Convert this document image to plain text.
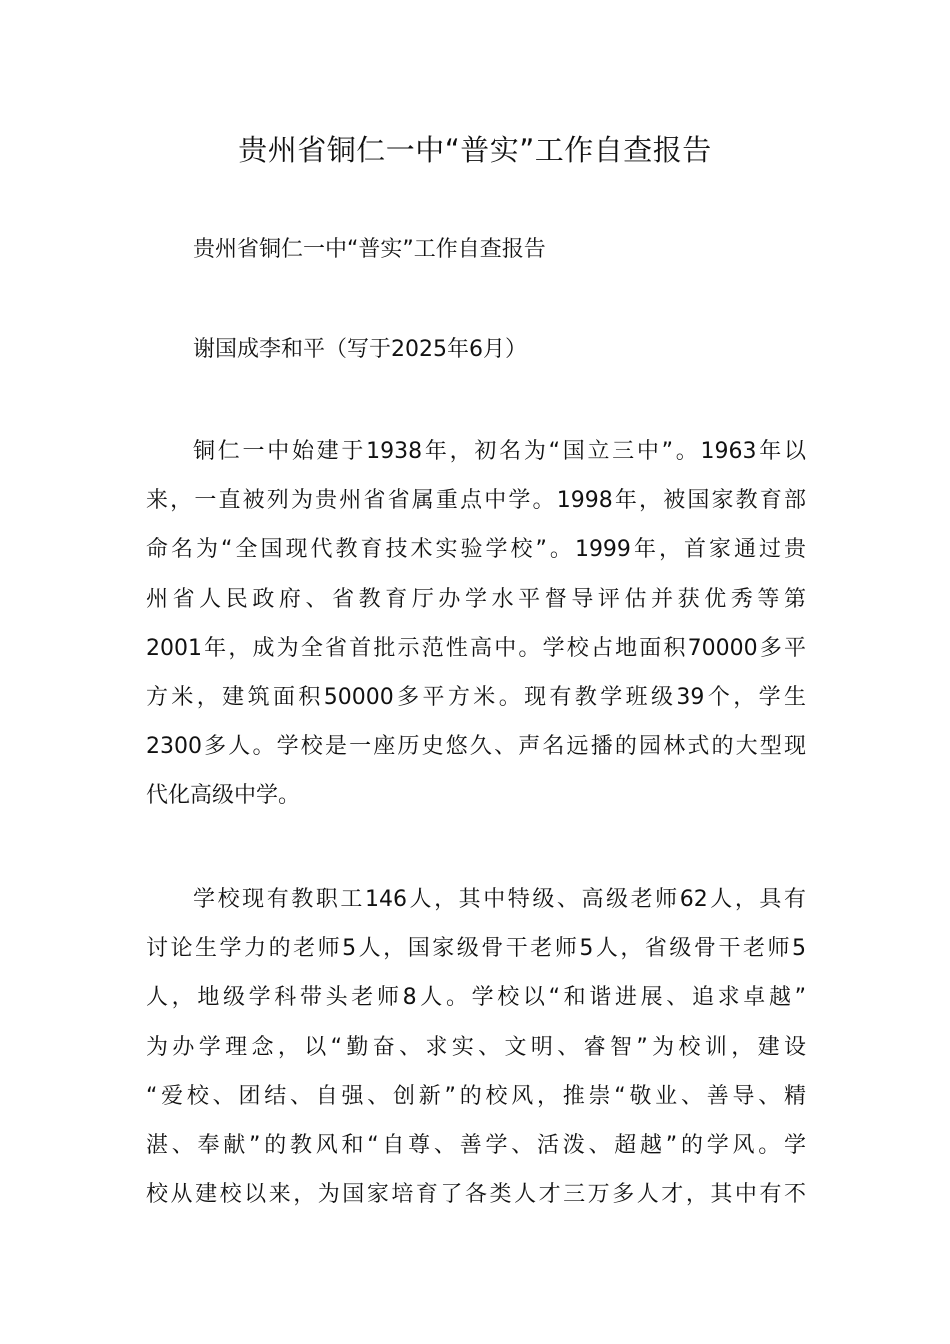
贵州省铜仁一中“普实”工作自查报告
贵州省铜仁一中“普实”工作自查报告
谢国成李和平（写于2025年6月）
铜仁一中始建于1938年，初名为“国立三中”。1963年以
来，一直被列为贵州省省属重点中学。1998年，被国家教育部
命名为“全国现代教育技术实验学校”。1999年，首家通过贵
州省人民政府、省教育厅办学水平督导评估并获优秀等第
2001年，成为全省首批示范性高中。学校占地面积70000多平
方米，建筑面积50000多平方米。现有教学班级39个，学生
2300多人。学校是一座历史悠久、声名远播的园林式的大型现
代化高级中学。
学校现有教职工146人，其中特级、高级老师62人，具有
讨论生学力的老师5人，国家级骨干老师5人，省级骨干老师5
人，地级学科带头老师8人。学校以“和谐进展、追求卓越”
为办学理念，以“勤奋、求实、文明、睿智”为校训，建设
“爱校、团结、自强、创新”的校风，推崇“敬业、善导、精
湛、奉献”的教风和“自尊、善学、活泼、超越”的学风。学
校从建校以来，为国家培育了各类人才三万多人才，其中有不
